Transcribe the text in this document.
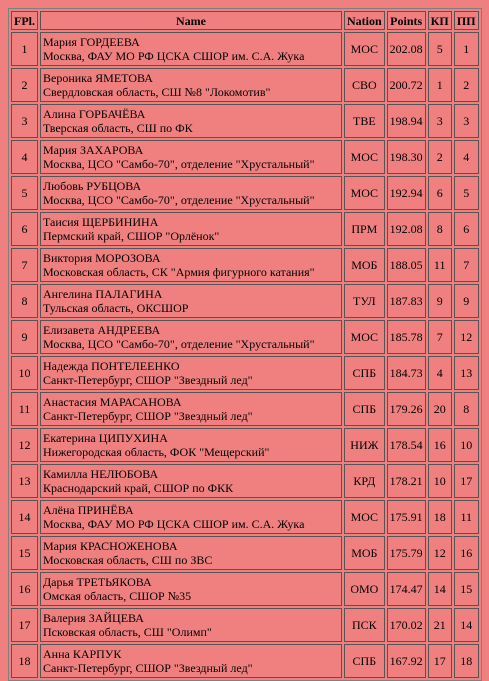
FPl.	Name	Nation	Points	КП	ПП
1	Мария ГОРДЕЕВА
Москва, ФАУ МО РФ ЦСКА СШОР им. С.А. Жука	МОС	202.08	5	1
2	Вероника ЯМЕТОВА
Свердловская область, СШ №8 "Локомотив"	СВО	200.72	1	2
3	Алина ГОРБАЧЁВА
Тверская область, СШ по ФК	ТВЕ	198.94	3	3
4	Мария ЗАХАРОВА
Москва, ЦСО "Самбо-70", отделение "Хрустальный"	МОС	198.30	2	4
5	Любовь РУБЦОВА
Москва, ЦСО "Самбо-70", отделение "Хрустальный"	МОС	192.94	6	5
6	Таисия ЩЕРБИНИНА
Пермский край, СШОР "Орлёнок"	ПРМ	192.08	8	6
7	Виктория МОРОЗОВА
Московская область, СК "Армия фигурного катания"	МОБ	188.05	11	7
8	Ангелина ПАЛАГИНА
Тульская область, ОКСШОР	ТУЛ	187.83	9	9
9	Елизавета АНДРЕЕВА
Москва, ЦСО "Самбо-70", отделение "Хрустальный"	МОС	185.78	7	12
10	Надежда ПОНТЕЛЕЕНКО
Санкт-Петербург, СШОР "Звездный лед"	СПБ	184.73	4	13
11	Анастасия МАРАСАНОВА
Санкт-Петербург, СШОР "Звездный лед"	СПБ	179.26	20	8
12	Екатерина ЦИПУХИНА
Нижегородская область, ФОК "Мещерский"	НИЖ	178.54	16	10
13	Камилла НЕЛЮБОВА
Краснодарский край, СШОР по ФКК	КРД	178.21	10	17
14	Алёна ПРИНЁВА
Москва, ФАУ МО РФ ЦСКА СШОР им. С.А. Жука	МОС	175.91	18	11
15	Мария КРАСНОЖЕНОВА
Московская область, СШ по ЗВС	МОБ	175.79	12	16
16	Дарья ТРЕТЬЯКОВА
Омская область, СШОР №35	ОМО	174.47	14	15
17	Валерия ЗАЙЦЕВА
Псковская область, СШ "Олимп"	ПСК	170.02	21	14
18	Анна КАРПУК
Санкт-Петербург, СШОР "Звездный лед"	СПБ	167.92	17	18
